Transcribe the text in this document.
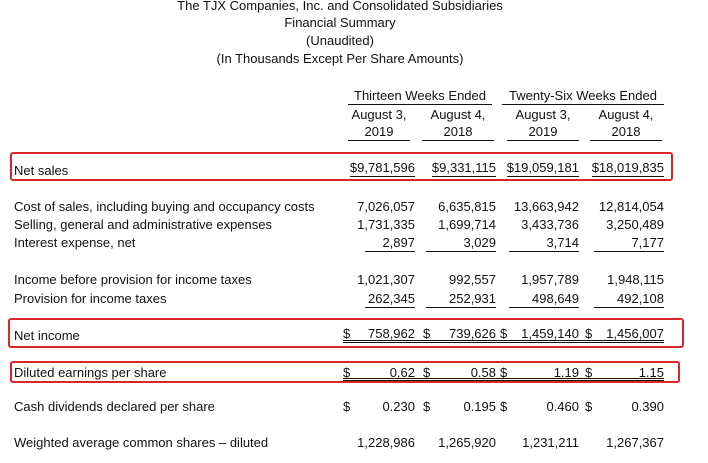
The TJX Companies, Inc. and Consolidated Subsidiaries
Financial Summary
(Unaudited)
(In Thousands Except Per Share Amounts)
Thirteen Weeks Ended	Twenty-Six Weeks Ended
August 3,
2019
August 4,
2018
August 3,
2019
August 4,
2018
Net sales	$9,781,596 $9,331,115 $19,059,181 $18,019,835
Cost of sales, including buying and occupancy costs	7,026,057 6,635,815 13,663,942 12,814,054
Selling, general and administrative expenses	1,731,335 1,699,714 3,433,736 3,250,489
Interest expense, net	2,897	3,029	3,714	7,177
Income before provision for income taxes	1,021,307	992,557 1,957,789 1,948,115
Provision for income taxes	262,345	252,931	498,649	492,108
Net income	$ 758,962 $ 739,626 $ 1,459,140 $ 1,456,007
Diluted earnings per share	$	0.62 $	0.58 $	1.19 $	1.15
Cash dividends declared per share	$ 0.230 $	0.195 $	0.460 $	0.390
Weighted average common shares – diluted	1,228,986 1,265,920 1,231,211 1,267,367
